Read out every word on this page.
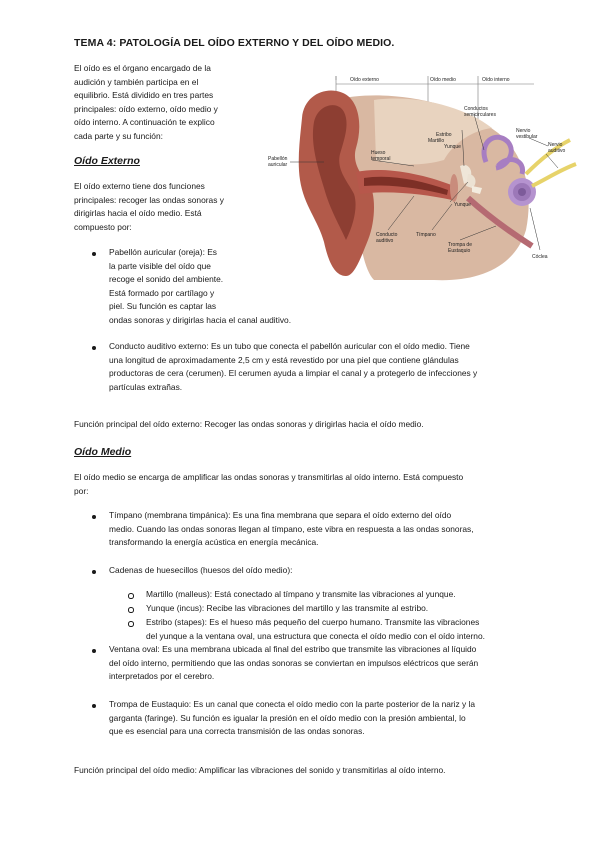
TEMA 4: PATOLOGÍA DEL OÍDO EXTERNO Y DEL OÍDO MEDIO.
El oído es el órgano encargado de la
audición y también participa en el
equilibrio. Está dividido en tres partes
principales: oído externo, oído medio y
oído interno. A continuación te explico
cada parte y su función:
Oído externo	Oído medio	Oído interno
Pabellón
auricular
Hueso
temporal
Conductos
semicirculares
Estribo
Martillo
Yunque
Nervio
vestibular
Nervio
auditivo
Yunque
Conducto
auditivo
Tímpano
Trompa de
Eustaquio
Cóclea
Oído Externo
El oído externo tiene dos funciones
principales: recoger las ondas sonoras y
dirigirlas hacia el oído medio. Está
compuesto por:
Pabellón auricular (oreja): Es
la parte visible del oído que
recoge el sonido del ambiente.
Está formado por cartílago y
piel. Su función es captar las
ondas sonoras y dirigirlas hacia el canal auditivo.
Conducto auditivo externo: Es un tubo que conecta el pabellón auricular con el oído medio. Tiene
una longitud de aproximadamente 2,5 cm y está revestido por una piel que contiene glándulas
productoras de cera (cerumen). El cerumen ayuda a limpiar el canal y a protegerlo de infecciones y
partículas extrañas.
Función principal del oído externo: Recoger las ondas sonoras y dirigirlas hacia el oído medio.
Oído Medio
El oído medio se encarga de amplificar las ondas sonoras y transmitirlas al oído interno. Está compuesto
por:
Tímpano (membrana timpánica): Es una fina membrana que separa el oído externo del oído
medio. Cuando las ondas sonoras llegan al tímpano, este vibra en respuesta a las ondas sonoras,
transformando la energía acústica en energía mecánica.
Cadenas de huesecillos (huesos del oído medio):
Martillo (malleus): Está conectado al tímpano y transmite las vibraciones al yunque.
Yunque (incus): Recibe las vibraciones del martillo y las transmite al estribo.
Estribo (stapes): Es el hueso más pequeño del cuerpo humano. Transmite las vibraciones
del yunque a la ventana oval, una estructura que conecta el oído medio con el oído interno.
Ventana oval: Es una membrana ubicada al final del estribo que transmite las vibraciones al líquido
del oído interno, permitiendo que las ondas sonoras se conviertan en impulsos eléctricos que serán
interpretados por el cerebro.
Trompa de Eustaquio: Es un canal que conecta el oído medio con la parte posterior de la nariz y la
garganta (faringe). Su función es igualar la presión en el oído medio con la presión ambiental, lo
que es esencial para una correcta transmisión de las ondas sonoras.
Función principal del oído medio: Amplificar las vibraciones del sonido y transmitirlas al oído interno.
